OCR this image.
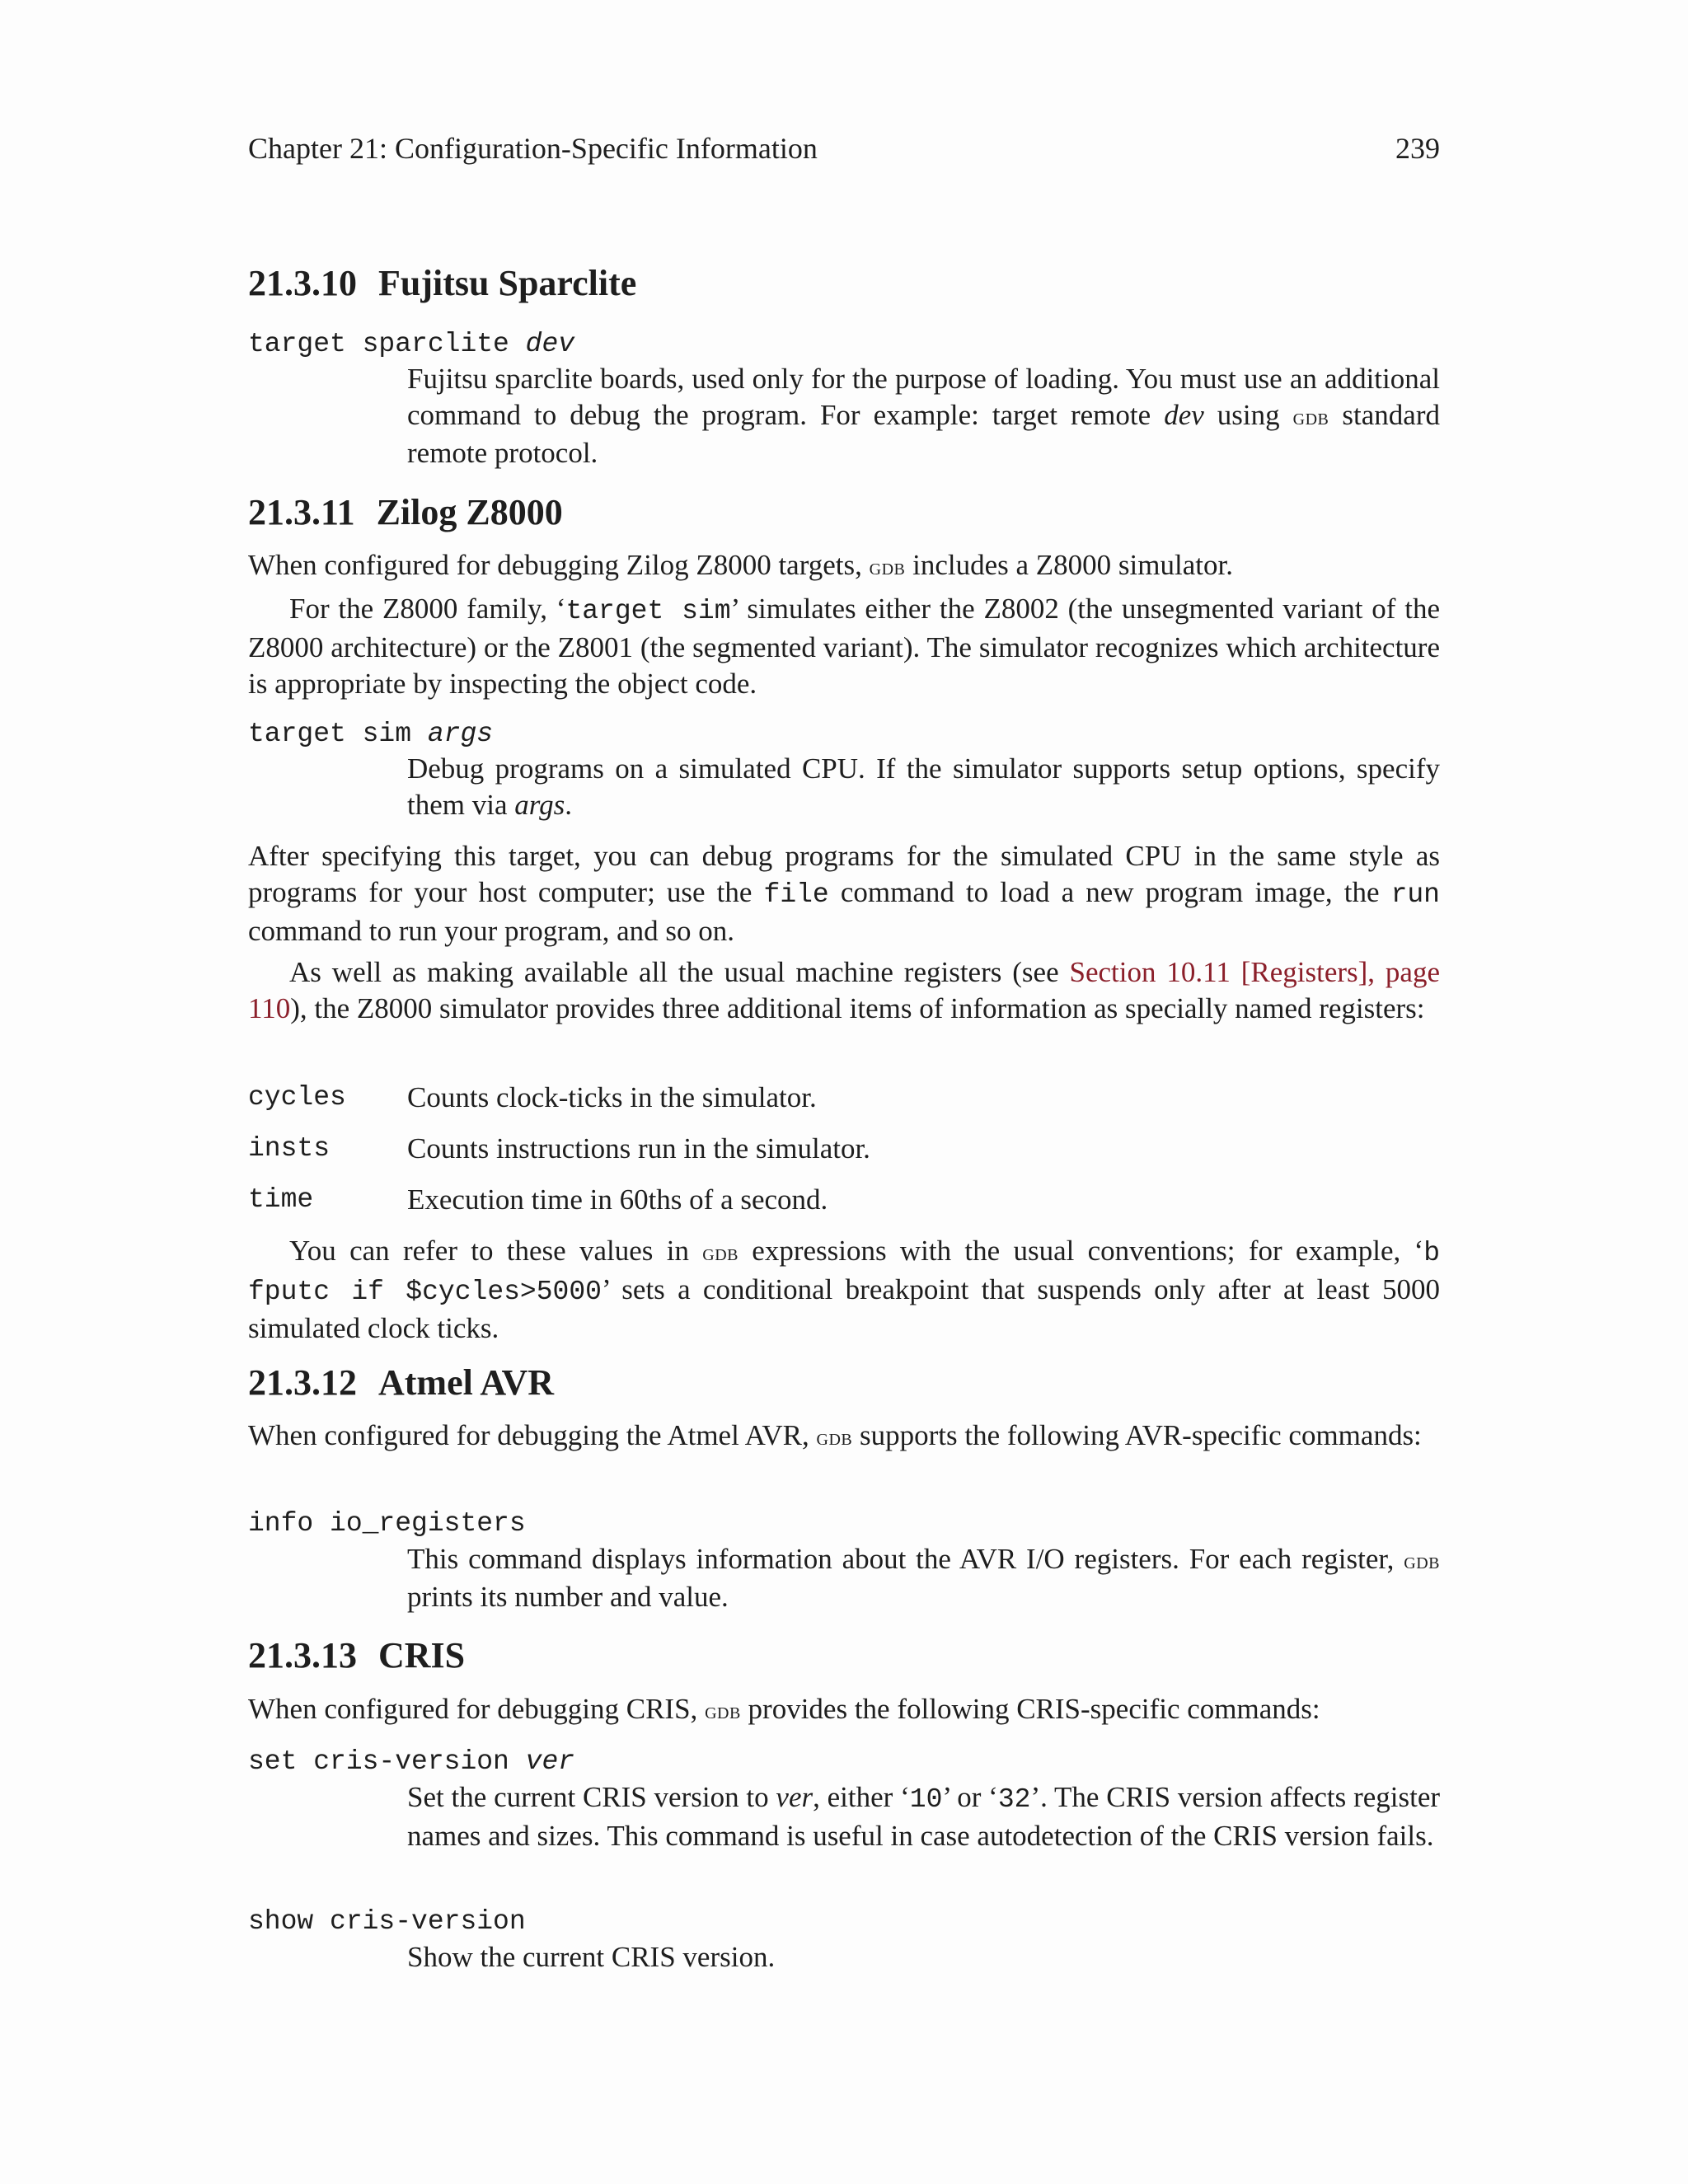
Chapter 21: Configuration-Specific Information	239
21.3.10 Fujitsu Sparclite
target sparclite dev

Fujitsu sparclite boards, used only for the purpose of loading. You must use an additional command to debug the program. For example: target remote dev using gdb standard remote protocol.

21.3.11 Zilog Z8000

When configured for debugging Zilog Z8000 targets, gdb includes a Z8000 simulator.

For the Z8000 family, ‘target sim’ simulates either the Z8002 (the unsegmented variant of the Z8000 architecture) or the Z8001 (the segmented variant). The simulator recognizes which architecture is appropriate by inspecting the object code.

target sim args

Debug programs on a simulated CPU. If the simulator supports setup options, specify them via args.

After specifying this target, you can debug programs for the simulated CPU in the same style as programs for your host computer; use the file command to load a new program image, the run command to run your program, and so on.

As well as making available all the usual machine registers (see Section 10.11 [Registers], page 110), the Z8000 simulator provides three additional items of information as specially named registers:

cycles Counts clock-ticks in the simulator.

insts	Counts instructions run in the simulator.

time	Execution time in 60ths of a second.

You can refer to these values in gdb expressions with the usual conventions; for example, ‘b fputc if $cycles>5000’ sets a conditional breakpoint that suspends only after at least 5000 simulated clock ticks.

21.3.12 Atmel AVR

When configured for debugging the Atmel AVR, gdb supports the following AVR-specific commands:

info io_registers

This command displays information about the AVR I/O registers. For each register, gdb prints its number and value.

21.3.13 CRIS

When configured for debugging CRIS, gdb provides the following CRIS-specific commands:

set cris-version ver

Set the current CRIS version to ver, either ‘10’ or ‘32’. The CRIS version affects register names and sizes. This command is useful in case autodetection of the CRIS version fails.

show cris-version

Show the current CRIS version.
